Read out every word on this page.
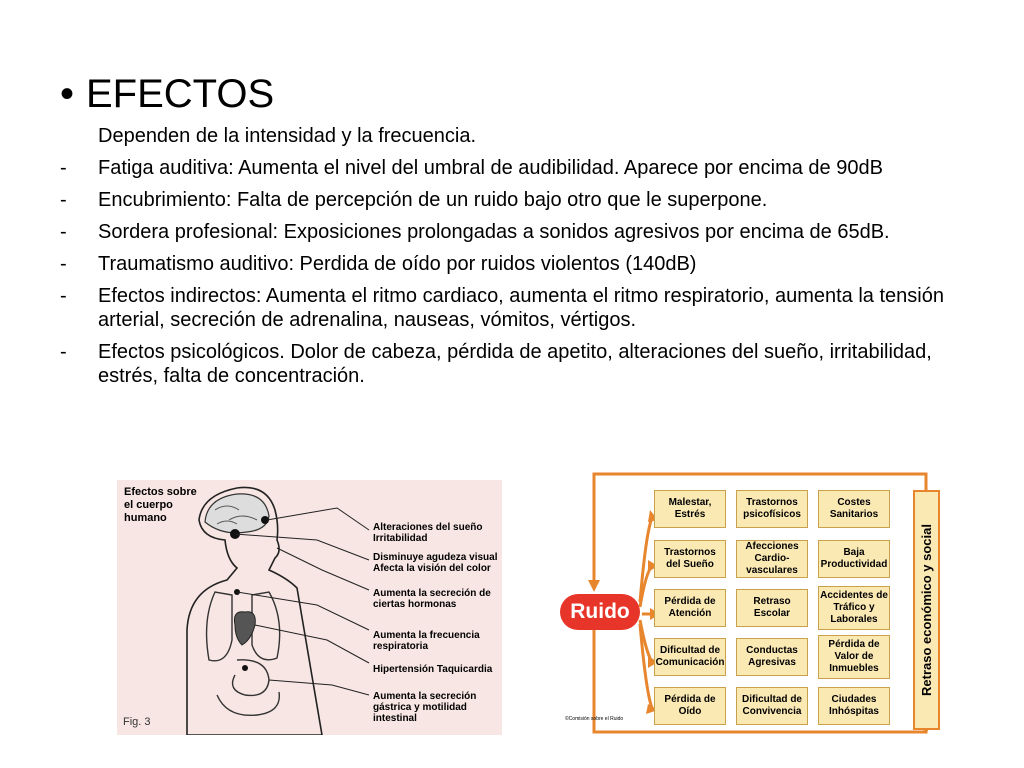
• EFECTOS
Dependen de la intensidad y la frecuencia.
- Fatiga auditiva: Aumenta el nivel del umbral de audibilidad. Aparece por encima de 90dB
- Encubrimiento: Falta de percepción de un ruido bajo otro que le superpone.
- Sordera profesional: Exposiciones prolongadas a sonidos agresivos por encima de 65dB.
- Traumatismo auditivo: Perdida de oído por ruidos violentos (140dB)
- Efectos indirectos: Aumenta el ritmo cardiaco, aumenta el ritmo respiratorio, aumenta la tensión arterial, secreción de adrenalina, nauseas, vómitos, vértigos.
- Efectos psicológicos. Dolor de cabeza, pérdida de apetito, alteraciones del sueño, irritabilidad, estrés, falta de concentración.
Efectos sobre el cuerpo humano
Alteraciones del sueño Irritabilidad
Disminuye agudeza visual Afecta la visión del color
Aumenta la secreción de ciertas hormonas
Aumenta la frecuencia respiratoria
Hipertensión Taquicardia
Aumenta la secreción gástrica y motilidad intestinal
Fig. 3
Malestar, Estrés
Trastornos psicofísicos
Costes Sanitarios
Trastornos del Sueño
Afecciones Cardio- vasculares
Baja Productividad
Pérdida de Atención
Retraso Escolar
Accidentes de Tráfico y Laborales
Dificultad de Comunicación
Conductas Agresivas
Pérdida de Valor de Inmuebles
Pérdida de Oído
Dificultad de Convivencia
Ciudades Inhóspitas
Ruido	Retraso económico y social
©Comisión sobre el Ruido
